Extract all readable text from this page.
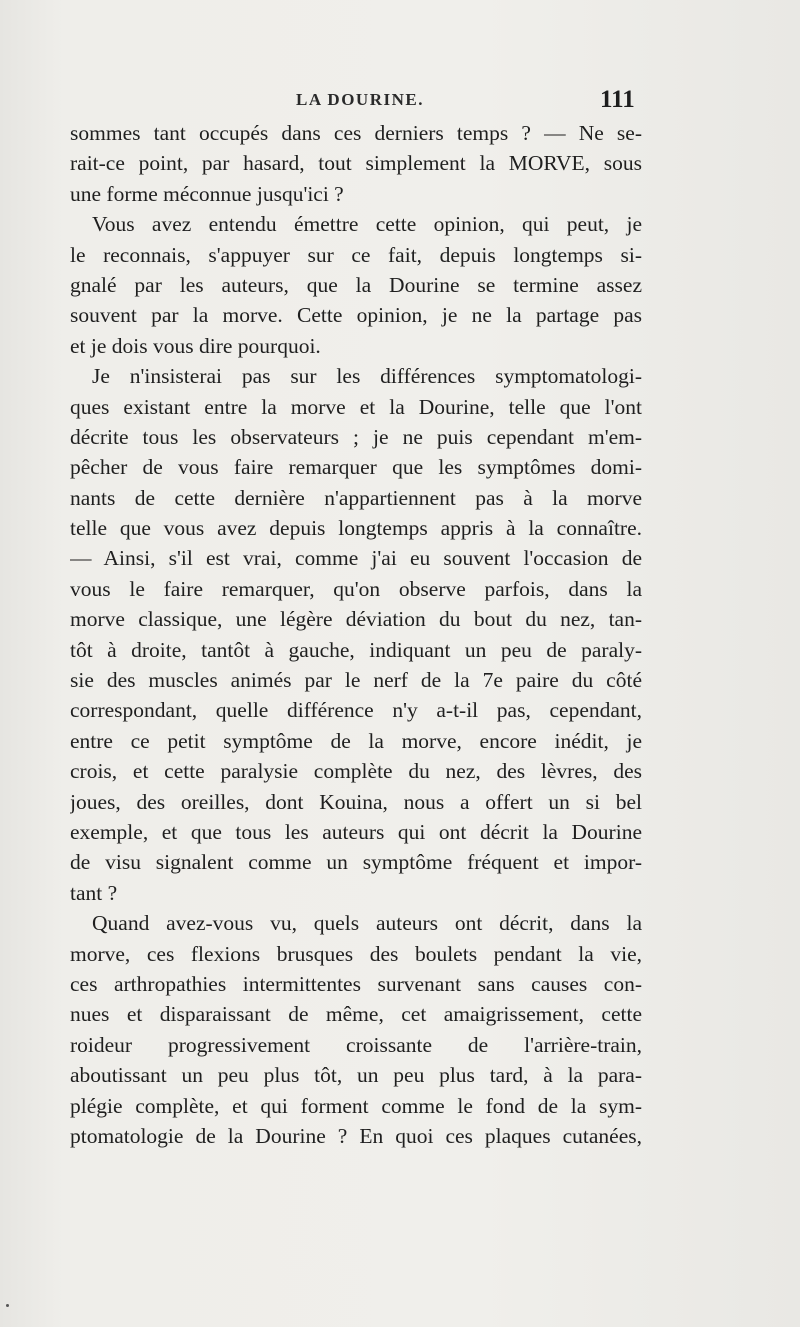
LA DOURINE.	111
sommes tant occupés dans ces derniers temps ? — Ne se-
rait-ce point, par hasard, tout simplement la MORVE, sous
une forme méconnue jusqu'ici ?
Vous avez entendu émettre cette opinion, qui peut, je
le reconnais, s'appuyer sur ce fait, depuis longtemps si-
gnalé par les auteurs, que la Dourine se termine assez
souvent par la morve. Cette opinion, je ne la partage pas
et je dois vous dire pourquoi.
Je n'insisterai pas sur les différences symptomatologi-
ques existant entre la morve et la Dourine, telle que l'ont
décrite tous les observateurs ; je ne puis cependant m'em-
pêcher de vous faire remarquer que les symptômes domi-
nants de cette dernière n'appartiennent pas à la morve
telle que vous avez depuis longtemps appris à la connaître.
— Ainsi, s'il est vrai, comme j'ai eu souvent l'occasion de
vous le faire remarquer, qu'on observe parfois, dans la
morve classique, une légère déviation du bout du nez, tan-
tôt à droite, tantôt à gauche, indiquant un peu de paraly-
sie des muscles animés par le nerf de la 7e paire du côté
correspondant, quelle différence n'y a-t-il pas, cependant,
entre ce petit symptôme de la morve, encore inédit, je
crois, et cette paralysie complète du nez, des lèvres, des
joues, des oreilles, dont Kouina, nous a offert un si bel
exemple, et que tous les auteurs qui ont décrit la Dourine
de visu signalent comme un symptôme fréquent et impor-
tant ?
Quand avez-vous vu, quels auteurs ont décrit, dans la
morve, ces flexions brusques des boulets pendant la vie,
ces arthropathies intermittentes survenant sans causes con-
nues et disparaissant de même, cet amaigrissement, cette
roideur progressivement croissante de l'arrière-train,
aboutissant un peu plus tôt, un peu plus tard, à la para-
plégie complète, et qui forment comme le fond de la sym-
ptomatologie de la Dourine ? En quoi ces plaques cutanées,
